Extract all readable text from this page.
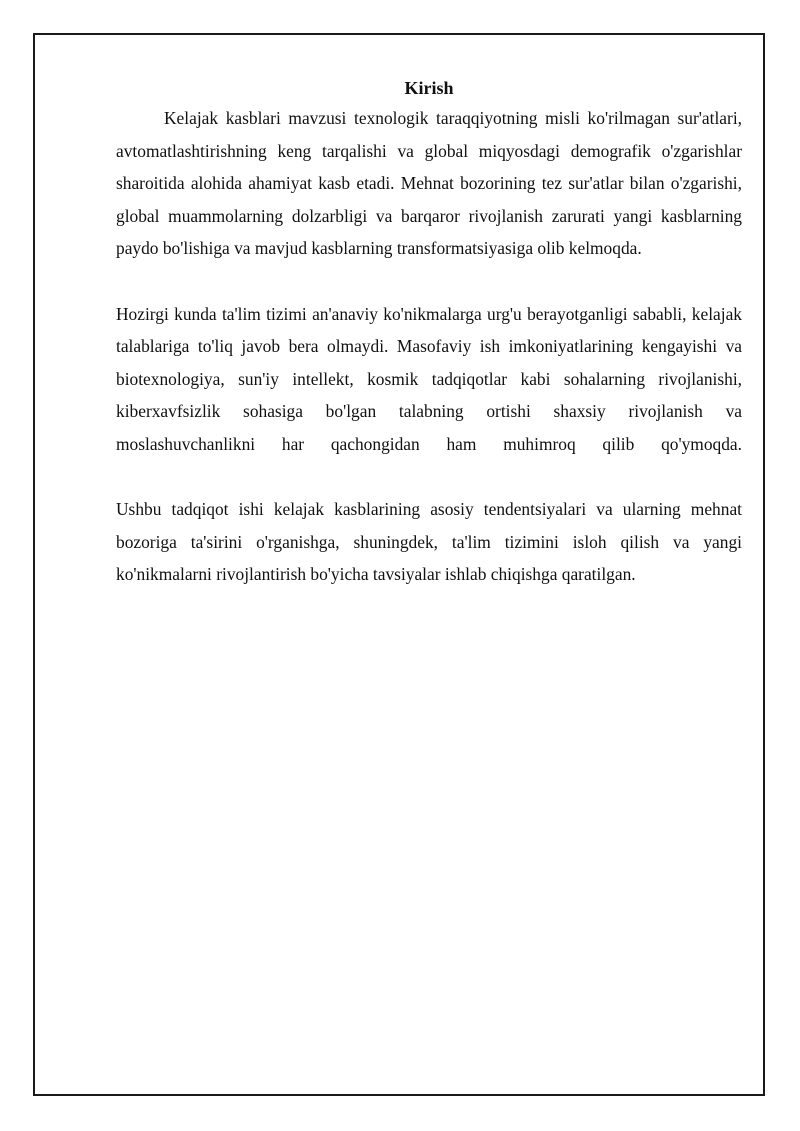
Kirish

Kelajak kasblari mavzusi texnologik taraqqiyotning misli ko'rilmagan sur'atlari, avtomatlashtirishning keng tarqalishi va global miqyosdagi demografik o'zgarishlar sharoitida alohida ahamiyat kasb etadi. Mehnat bozorining tez sur'atlar bilan o'zgarishi, global muammolarning dolzarbligi va barqaror rivojlanish zarurati yangi kasblarning paydo bo'lishiga va mavjud kasblarning transformatsiyasiga olib kelmoqda.

Hozirgi kunda ta'lim tizimi an'anaviy ko'nikmalarga urg'u berayotganligi sababli, kelajak talablariga to'liq javob bera olmaydi. Masofaviy ish imkoniyatlarining kengayishi va biotexnologiya, sun'iy intellekt, kosmik tadqiqotlar kabi sohalarning rivojlanishi, kiberxavfsizlik sohasiga bo'lgan talabning ortishi shaxsiy rivojlanish va moslashuvchanlikni har qachongidan ham muhimroq qilib qo'ymoqda.

Ushbu tadqiqot ishi kelajak kasblarining asosiy tendentsiyalari va ularning mehnat bozoriga ta'sirini o'rganishga, shuningdek, ta'lim tizimini isloh qilish va yangi ko'nikmalarni rivojlantirish bo'yicha tavsiyalar ishlab chiqishga qaratilgan.
